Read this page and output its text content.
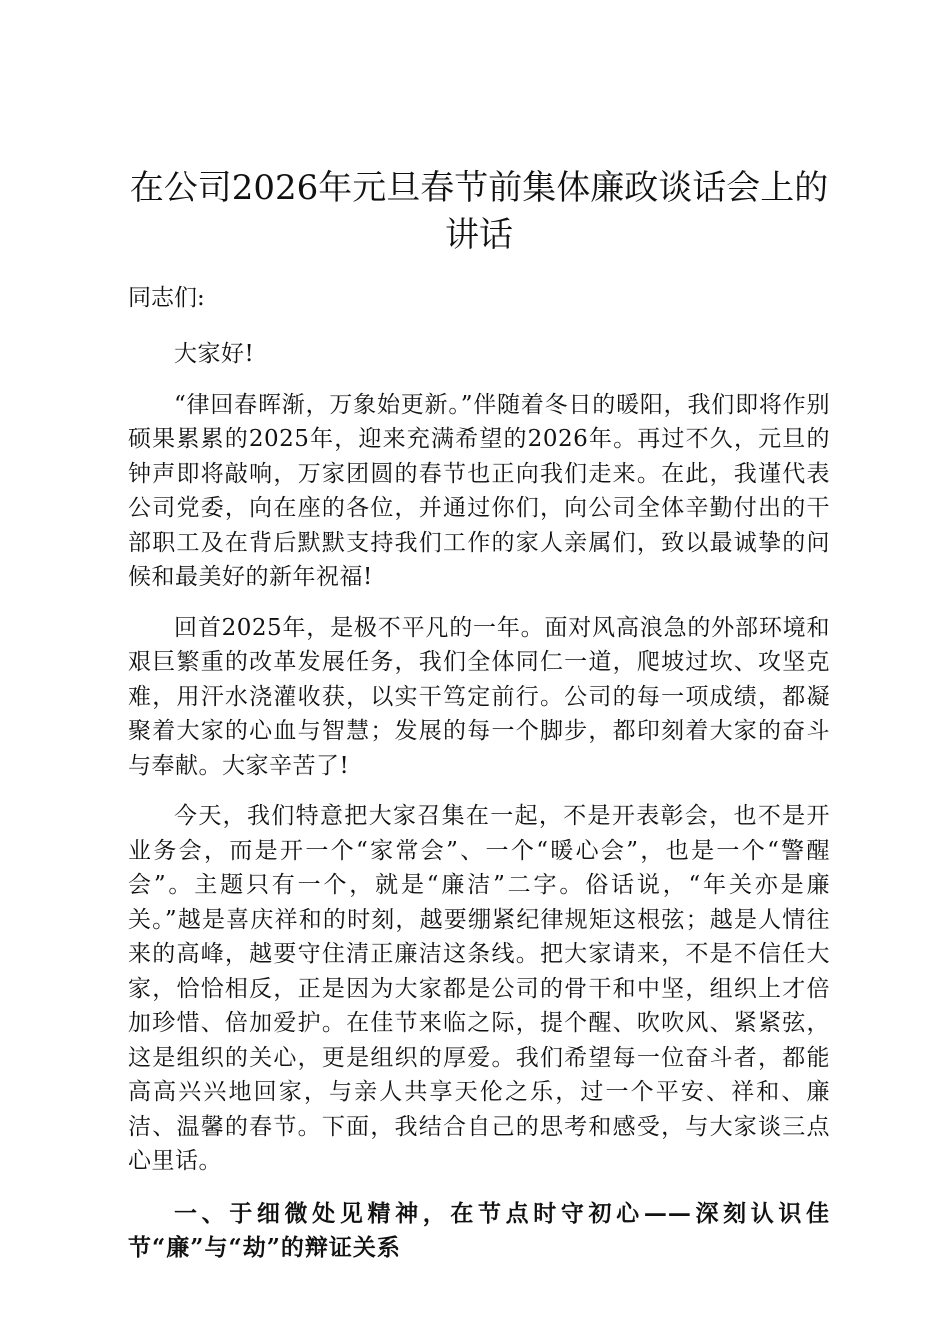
在公司2026年元旦春节前集体廉政谈话会上的讲话

同志们:

大家好!

“律回春晖渐，万象始更新。”伴随着冬日的暖阳，我们即将作别硕果累累的2025年，迎来充满希望的2026年。再过不久，元旦的钟声即将敲响，万家团圆的春节也正向我们走来。在此，我谨代表公司党委，向在座的各位，并通过你们，向公司全体辛勤付出的干部职工及在背后默默支持我们工作的家人亲属们，致以最诚挚的问候和最美好的新年祝福!

回首2025年，是极不平凡的一年。面对风高浪急的外部环境和艰巨繁重的改革发展任务，我们全体同仁一道，爬坡过坎、攻坚克难，用汗水浇灌收获，以实干笃定前行。公司的每一项成绩，都凝聚着大家的心血与智慧；发展的每一个脚步，都印刻着大家的奋斗与奉献。大家辛苦了!

今天，我们特意把大家召集在一起，不是开表彰会，也不是开业务会，而是开一个“家常会”、一个“暖心会”，也是一个“警醒会”。主题只有一个，就是“廉洁”二字。俗话说，“年关亦是廉关。”越是喜庆祥和的时刻，越要绷紧纪律规矩这根弦；越是人情往来的高峰，越要守住清正廉洁这条线。把大家请来，不是不信任大家，恰恰相反，正是因为大家都是公司的骨干和中坚，组织上才倍加珍惜、倍加爱护。在佳节来临之际，提个醒、吹吹风、紧紧弦，这是组织的关心，更是组织的厚爱。我们希望每一位奋斗者，都能高高兴兴地回家，与亲人共享天伦之乐，过一个平安、祥和、廉洁、温馨的春节。下面，我结合自己的思考和感受，与大家谈三点心里话。

一、于细微处见精神，在节点时守初心——深刻认识佳节“廉”与“劫”的辩证关系
